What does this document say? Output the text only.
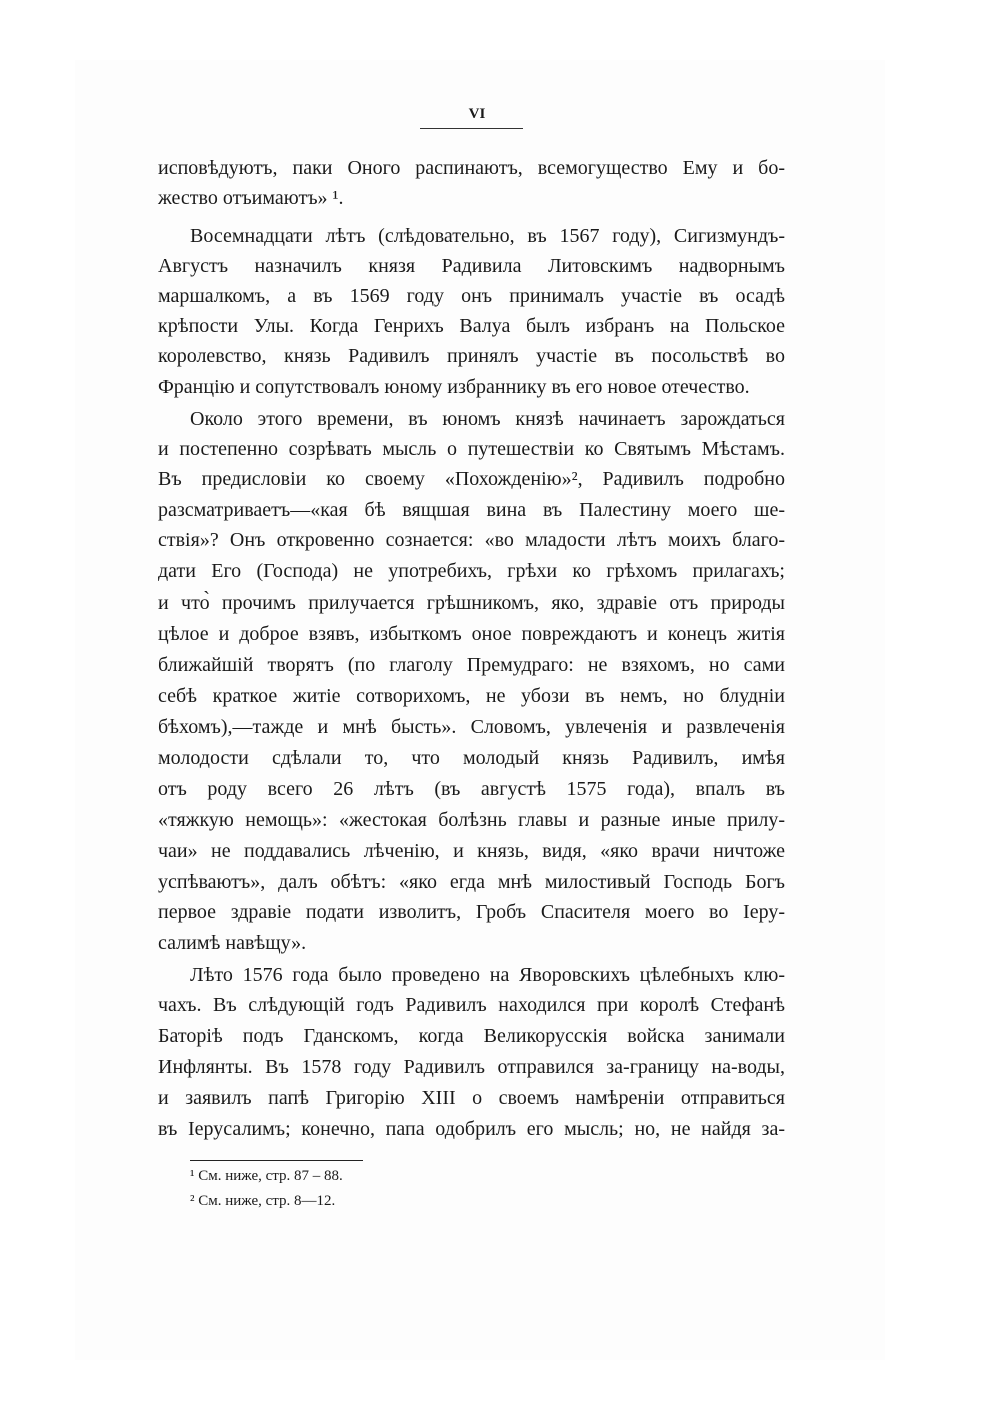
VI
исповѣдуютъ, паки Оного распинаютъ, всемогущество Ему и бо-
жество отъимаютъ» ¹.
Восемнадцати лѣтъ (слѣдовательно, въ 1567 году), Сигизмундъ-
Августъ назначилъ князя Радивила Литовскимъ надворнымъ
маршалкомъ, а въ 1569 году онъ принималъ участіе въ осадѣ
крѣпости Улы. Когда Генрихъ Валуа былъ избранъ на Польское
королевство, князь Радивилъ принялъ участіе въ посольствѣ во
Францію и сопутствовалъ юному избраннику въ его новое отечество.
Около этого времени, въ юномъ князѣ начинаетъ зарождаться
и постепенно созрѣвать мысль о путешествіи ко Святымъ Мѣстамъ.
Въ предисловіи ко своему «Похожденію»², Радивилъ подробно
разсматриваетъ—«кая бѣ вящшая вина въ Палестину моего ше-
ствія»? Онъ откровенно сознается: «во младости лѣтъ моихъ благо-
дати Его (Господа) не употребихъ, грѣхи ко грѣхомъ прилагахъ;
и что̀ прочимъ прилучается грѣшникомъ, яко, здравіе отъ природы
цѣлое и доброе взявъ, избыткомъ оное повреждаютъ и конецъ житія
ближайшій творятъ (по глаголу Премудраго: не взяхомъ, но сами
себѣ краткое житіе сотворихомъ, не убози въ немъ, но блудніи
бѣхомъ),—тажде и мнѣ бысть». Словомъ, увлеченія и развлеченія
молодости сдѣлали то, что молодый князь Радивилъ, имѣя
отъ роду всего 26 лѣтъ (въ августѣ 1575 года), впалъ въ
«тяжкую немощь»: «жестокая болѣзнь главы и разные иные прилу-
чаи» не поддавались лѣченію, и князь, видя, «яко врачи ничтоже
успѣваютъ», далъ обѣтъ: «яко егда мнѣ милостивый Господь Богъ
первое здравіе подати изволитъ, Гробъ Спасителя моего во Іеру-
салимѣ навѣщу».
Лѣто 1576 года было проведено на Яворовскихъ цѣлебныхъ клю-
чахъ. Въ слѣдующій годъ Радивилъ находился при королѣ Стефанѣ
Баторіѣ подъ Гданскомъ, когда Великорусскія войска занимали
Инфлянты. Въ 1578 году Радивилъ отправился за-границу на-воды,
и заявилъ папѣ Григорію XIII о своемъ намѣреніи отправиться
въ Іерусалимъ; конечно, папа одобрилъ его мысль; но, не найдя за-
¹ См. ниже, стр. 87 – 88.
² См. ниже, стр. 8—12.
